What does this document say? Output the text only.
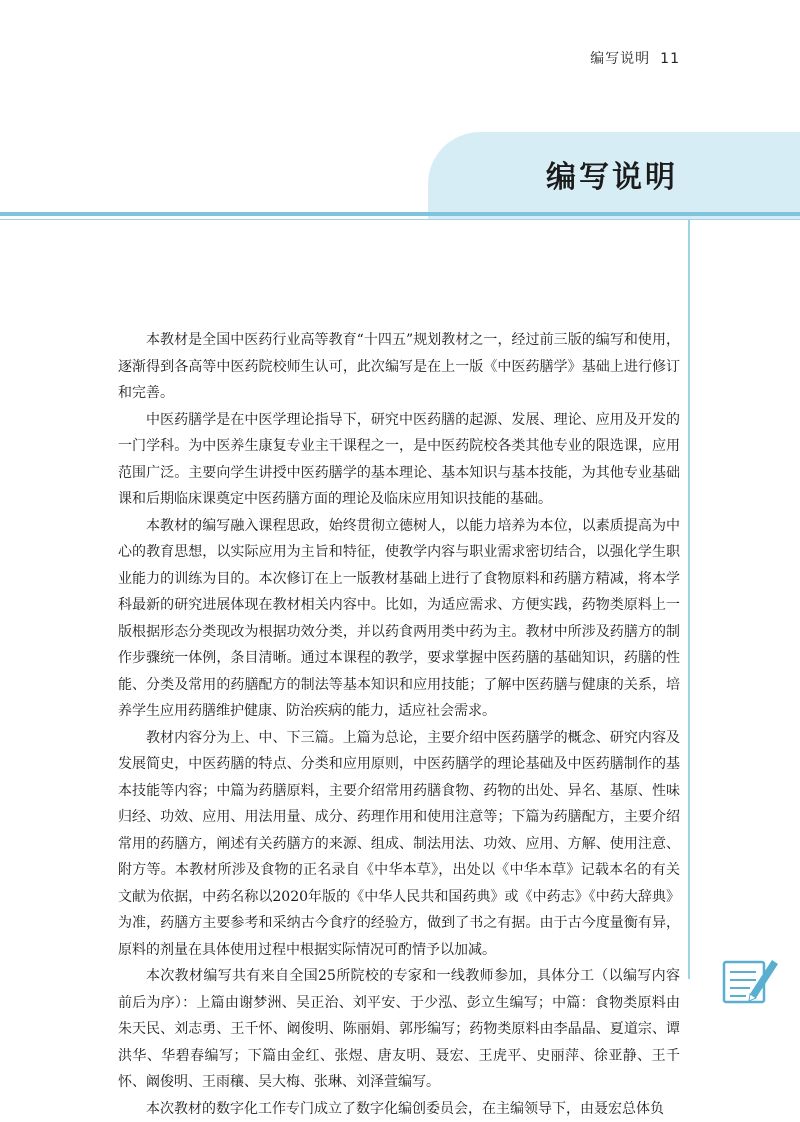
编写说明 11
编写说明

本教材是全国中医药行业高等教育“十四五”规划教材之一，经过前三版的编写和使用，逐渐得到各高等中医药院校师生认可，此次编写是在上一版《中医药膳学》基础上进行修订和完善。

中医药膳学是在中医学理论指导下，研究中医药膳的起源、发展、理论、应用及开发的一门学科。为中医养生康复专业主干课程之一，是中医药院校各类其他专业的限选课，应用范围广泛。主要向学生讲授中医药膳学的基本理论、基本知识与基本技能，为其他专业基础课和后期临床课奠定中医药膳方面的理论及临床应用知识技能的基础。

本教材的编写融入课程思政，始终贯彻立德树人，以能力培养为本位，以素质提高为中心的教育思想，以实际应用为主旨和特征，使教学内容与职业需求密切结合，以强化学生职业能力的训练为目的。本次修订在上一版教材基础上进行了食物原料和药膳方精减，将本学科最新的研究进展体现在教材相关内容中。比如，为适应需求、方便实践，药物类原料上一版根据形态分类现改为根据功效分类，并以药食两用类中药为主。教材中所涉及药膳方的制作步骤统一体例，条目清晰。通过本课程的教学，要求掌握中医药膳的基础知识，药膳的性能、分类及常用的药膳配方的制法等基本知识和应用技能；了解中医药膳与健康的关系，培养学生应用药膳维护健康、防治疾病的能力，适应社会需求。

教材内容分为上、中、下三篇。上篇为总论，主要介绍中医药膳学的概念、研究内容及发展简史，中医药膳的特点、分类和应用原则，中医药膳学的理论基础及中医药膳制作的基本技能等内容；中篇为药膳原料，主要介绍常用药膳食物、药物的出处、异名、基原、性味归经、功效、应用、用法用量、成分、药理作用和使用注意等；下篇为药膳配方，主要介绍常用的药膳方，阐述有关药膳方的来源、组成、制法用法、功效、应用、方解、使用注意、附方等。本教材所涉及食物的正名录自《中华本草》，出处以《中华本草》记载本名的有关文献为依据，中药名称以2020年版的《中华人民共和国药典》或《中药志》《中药大辞典》为准，药膳方主要参考和采纳古今食疗的经验方，做到了书之有据。由于古今度量衡有异，原料的剂量在具体使用过程中根据实际情况可酌情予以加减。

本次教材编写共有来自全国25所院校的专家和一线教师参加，具体分工（以编写内容前后为序）：上篇由谢梦洲、吴正治、刘平安、于少泓、彭立生编写；中篇：食物类原料由朱天民、刘志勇、王千怀、阚俊明、陈丽娟、郭彤编写；药物类原料由李晶晶、夏道宗、谭洪华、华碧春编写；下篇由金红、张煜、唐友明、聂宏、王虎平、史丽萍、徐亚静、王千怀、阚俊明、王雨穰、吴大梅、张琳、刘泽萱编写。

本次教材的数字化工作专门成立了数字化编创委员会，在主编领导下，由聂宏总体负
